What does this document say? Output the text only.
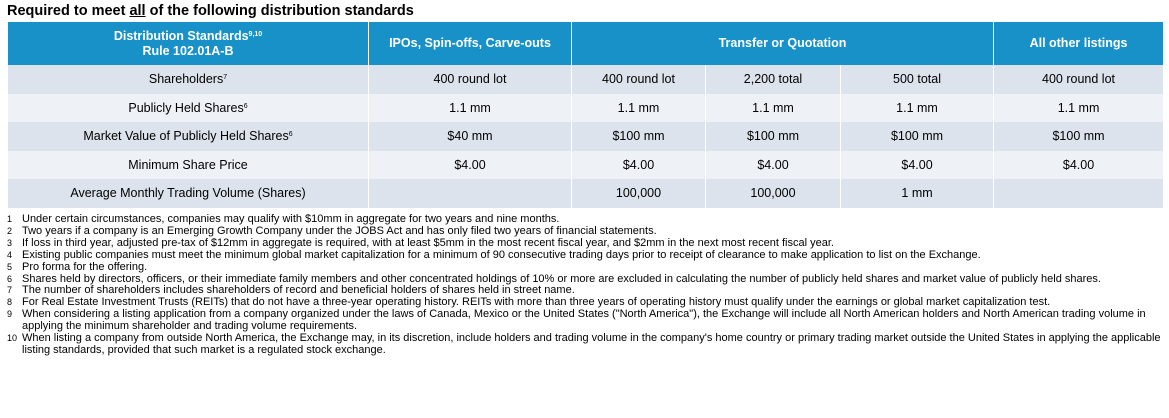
Required to meet all of the following distribution standards
Distribution Standards$^{9,10}$
Rule 102.01A-B	IPOs, Spin-offs, Carve-outs	Transfer or Quotation			All other listings
Shareholders$^7$	400 round lot	400 round lot	2,200 total	500 total	400 round lot
Publicly Held Shares$^6$	1.1 mm	1.1 mm	1.1 mm	1.1 mm	1.1 mm
Market Value of Publicly Held Shares$^6$	$40 mm	$100 mm	$100 mm	$100 mm	$100 mm
Minimum Share Price	$4.00	$4.00	$4.00	$4.00	$4.00
Average Monthly Trading Volume (Shares)		100,000	100,000	1 mm	
1 Under certain circumstances, companies may qualify with $10mm in aggregate for two years and nine months.
2 Two years if a company is an Emerging Growth Company under the JOBS Act and has only filed two years of financial statements.
3 If loss in third year, adjusted pre-tax of $12mm in aggregate is required, with at least $5mm in the most recent fiscal year, and $2mm in the next most recent fiscal year.
4 Existing public companies must meet the minimum global market capitalization for a minimum of 90 consecutive trading days prior to receipt of clearance to make application to list on the Exchange.
5 Pro forma for the offering.
6 Shares held by directors, officers, or their immediate family members and other concentrated holdings of 10% or more are excluded in calculating the number of publicly held shares and market value of publicly held shares.
7 The number of shareholders includes shareholders of record and beneficial holders of shares held in street name.
8 For Real Estate Investment Trusts (REITs) that do not have a three-year operating history. REITs with more than three years of operating history must qualify under the earnings or global market capitalization test.
9 When considering a listing application from a company organized under the laws of Canada, Mexico or the United States ("North America"), the Exchange will include all North American holders and North American trading volume in applying the minimum shareholder and trading volume requirements.
10 When listing a company from outside North America, the Exchange may, in its discretion, include holders and trading volume in the company's home country or primary trading market outside the United States in applying the applicable listing standards, provided that such market is a regulated stock exchange.
